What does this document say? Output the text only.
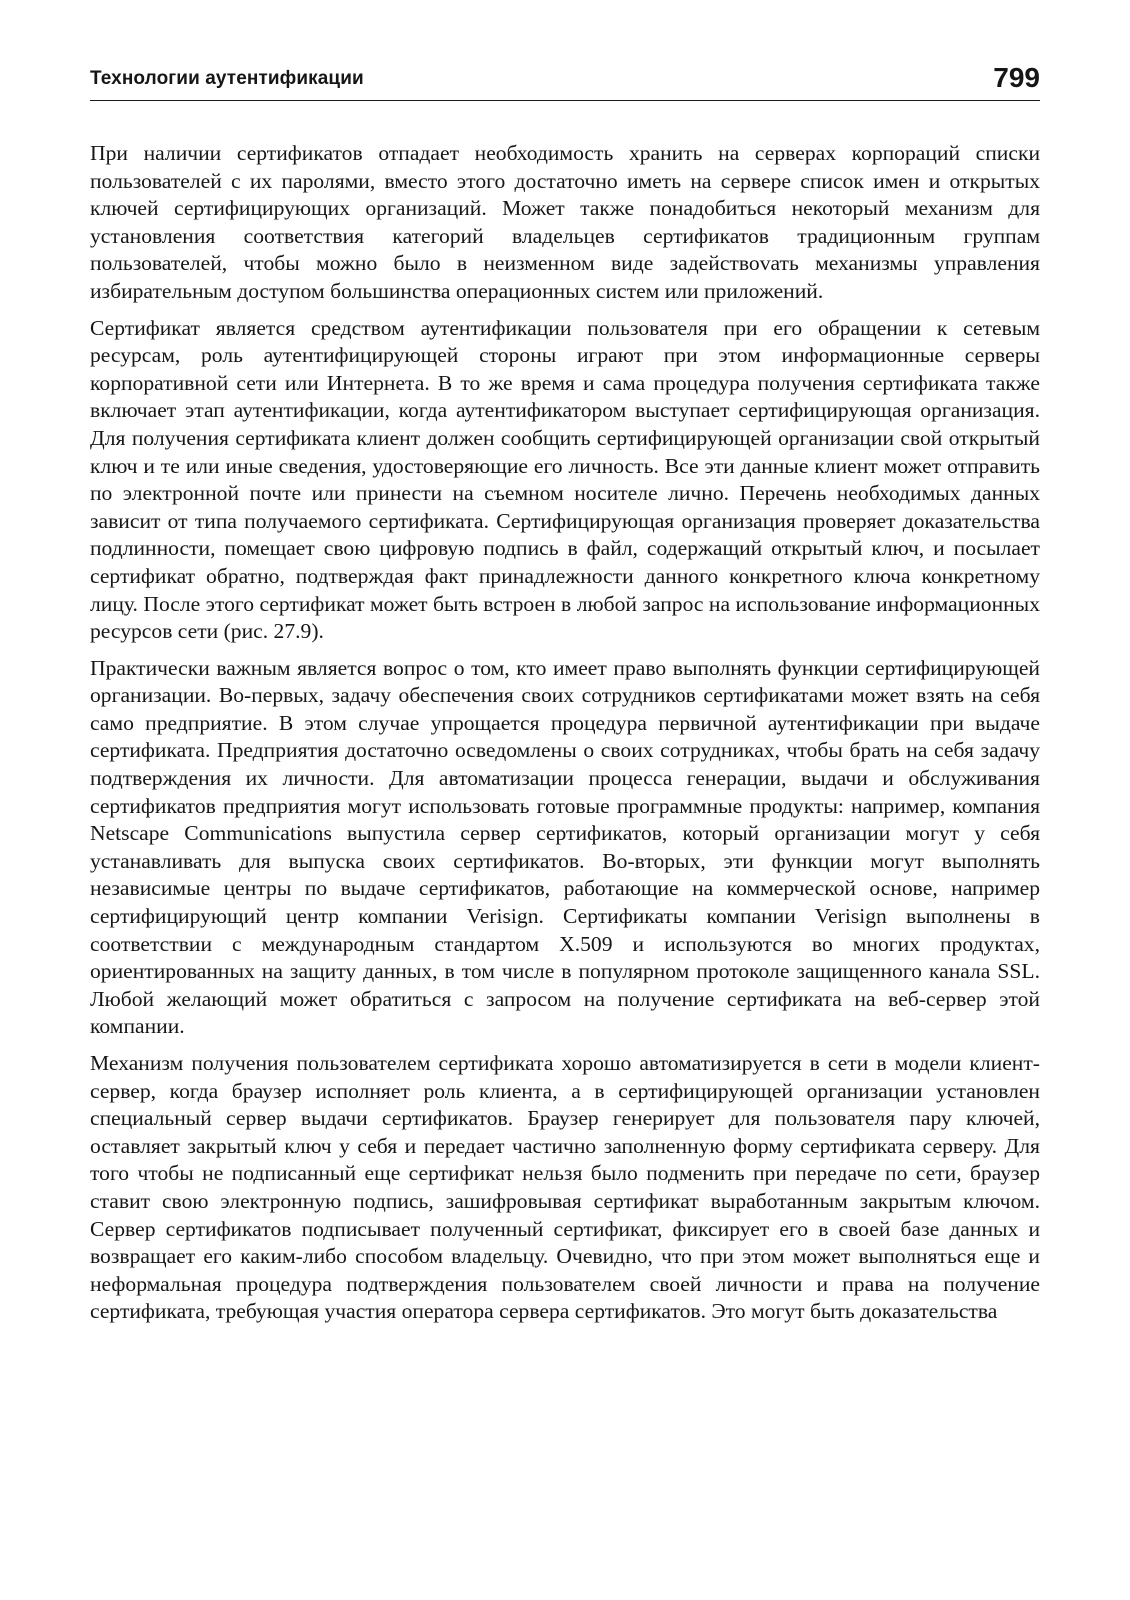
Технологии аутентификации	799

При наличии сертификатов отпадает необходимость хранить на серверах корпораций списки пользователей с их паролями, вместо этого достаточно иметь на сервере список имен и открытых ключей сертифицирующих организаций. Может также понадобиться некоторый механизм для установления соответствия категорий владельцев сертификатов традиционным группам пользователей, чтобы можно было в неизменном виде задействоvать механизмы управления избирательным доступом большинства операционных систем или приложений.

Сертификат является средством аутентификации пользователя при его обращении к сетевым ресурсам, роль аутентифицирующей стороны играют при этом информационные серверы корпоративной сети или Интернета. В то же время и сама процедура получения сертификата также включает этап аутентификации, когда аутентификатором выступает сертифицирующая организация. Для получения сертификата клиент должен сообщить сертифицирующей организации свой открытый ключ и те или иные сведения, удостоверяющие его личность. Все эти данные клиент может отправить по электронной почте или принести на съемном носителе лично. Перечень необходимых данных зависит от типа получаемого сертификата. Сертифицирующая организация проверяет доказательства подлинности, помещает свою цифровую подпись в файл, содержащий открытый ключ, и посылает сертификат обратно, подтверждая факт принадлежности данного конкретного ключа конкретному лицу. После этого сертификат может быть встроен в любой запрос на использование информационных ресурсов сети (рис. 27.9).

Практически важным является вопрос о том, кто имеет право выполнять функции сертифицирующей организации. Во-первых, задачу обеспечения своих сотрудников сертификатами может взять на себя само предприятие. В этом случае упрощается процедура первичной аутентификации при выдаче сертификата. Предприятия достаточно осведомлены о своих сотрудниках, чтобы брать на себя задачу подтверждения их личности. Для автоматизации процесса генерации, выдачи и обслуживания сертификатов предприятия могут использовать готовые программные продукты: например, компания Netscape Communications выпустила сервер сертификатов, который организации могут у себя устанавливать для выпуска своих сертификатов. Во-вторых, эти функции могут выполнять независимые центры по выдаче сертификатов, работающие на коммерческой основе, например сертифицирующий центр компании Verisign. Сертификаты компании Verisign выполнены в соответствии с международным стандартом X.509 и используются во многих продуктах, ориентированных на защиту данных, в том числе в популярном протоколе защищенного канала SSL. Любой желающий может обратиться с запросом на получение сертификата на веб-сервер этой компании.

Механизм получения пользователем сертификата хорошо автоматизируется в сети в модели клиент-сервер, когда браузер исполняет роль клиента, а в сертифицирующей организации установлен специальный сервер выдачи сертификатов. Браузер генерирует для пользователя пару ключей, оставляет закрытый ключ у себя и передает частично заполненную форму сертификата серверу. Для того чтобы не подписанный еще сертификат нельзя было подменить при передаче по сети, браузер ставит свою электронную подпись, зашифровывая сертификат выработанным закрытым ключом. Сервер сертификатов подписывает полученный сертификат, фиксирует его в своей базе данных и возвращает его каким-либо способом владельцу. Очевидно, что при этом может выполняться еще и неформальная процедура подтверждения пользователем своей личности и права на получение сертификата, требующая участия оператора сервера сертификатов. Это могут быть доказательства
